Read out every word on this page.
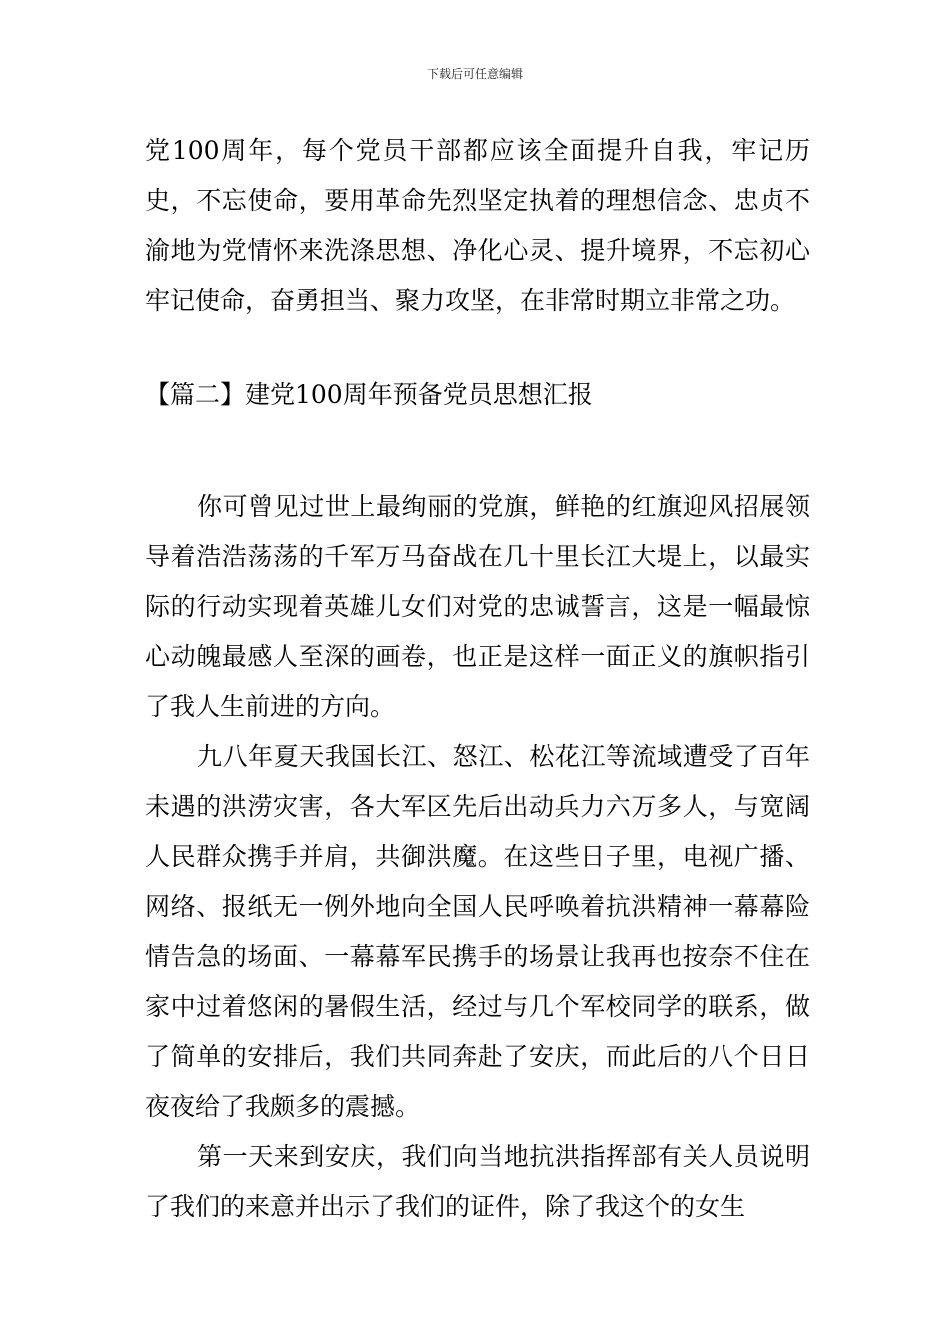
下载后可任意编辑

党100周年，每个党员干部都应该全面提升自我，牢记历史，不忘使命，要用革命先烈坚定执着的理想信念、忠贞不渝地为党情怀来洗涤思想、净化心灵、提升境界，不忘初心牢记使命，奋勇担当、聚力攻坚，在非常时期立非常之功。

【篇二】建党100周年预备党员思想汇报

你可曾见过世上最绚丽的党旗，鲜艳的红旗迎风招展领导着浩浩荡荡的千军万马奋战在几十里长江大堤上，以最实际的行动实现着英雄儿女们对党的忠诚誓言，这是一幅最惊心动魄最感人至深的画卷，也正是这样一面正义的旗帜指引了我人生前进的方向。

九八年夏天我国长江、怒江、松花江等流域遭受了百年未遇的洪涝灾害，各大军区先后出动兵力六万多人，与宽阔人民群众携手并肩，共御洪魔。在这些日子里，电视广播、网络、报纸无一例外地向全国人民呼唤着抗洪精神一幕幕险情告急的场面、一幕幕军民携手的场景让我再也按奈不住在家中过着悠闲的暑假生活，经过与几个军校同学的联系，做了简单的安排后，我们共同奔赴了安庆，而此后的八个日日夜夜给了我颇多的震撼。

第一天来到安庆，我们向当地抗洪指挥部有关人员说明了我们的来意并出示了我们的证件，除了我这个的女生
